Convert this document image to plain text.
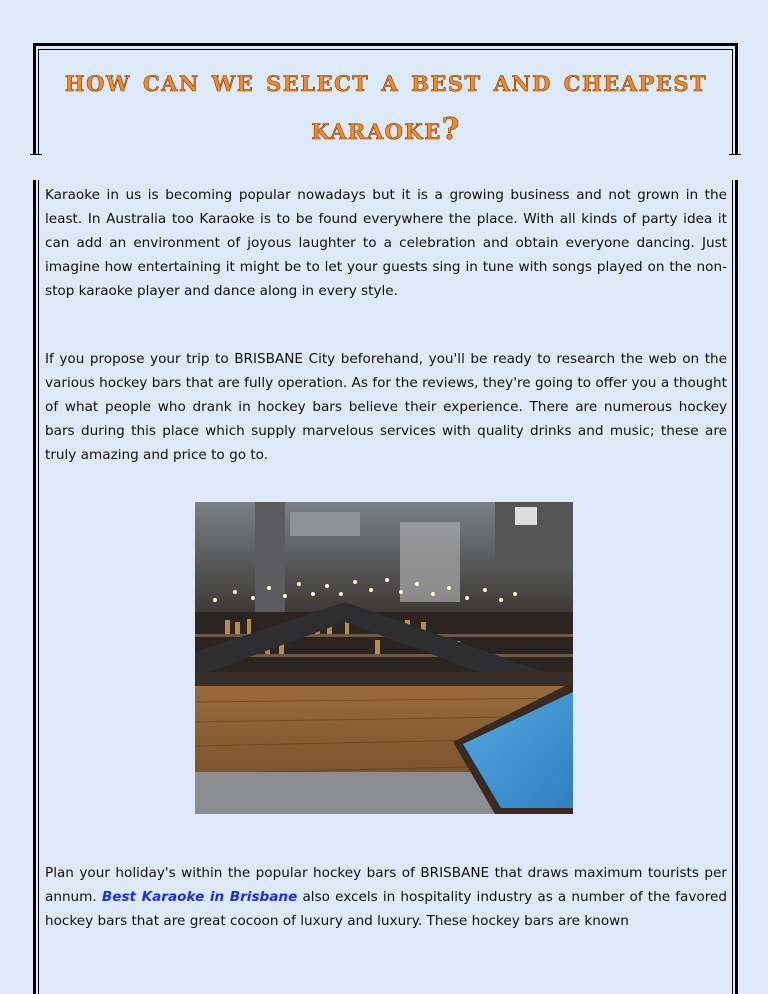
how can we select a best and cheapest karaoke?

Karaoke in us is becoming popular nowadays but it is a growing business and not grown in the least. In Australia too Karaoke is to be found everywhere the place. With all kinds of party idea it can add an environment of joyous laughter to a celebration and obtain everyone dancing. Just imagine how entertaining it might be to let your guests sing in tune with songs played on the non-stop karaoke player and dance along in every style.

If you propose your trip to BRISBANE City beforehand, you'll be ready to research the web on the various hockey bars that are fully operation. As for the reviews, they're going to offer you a thought of what people who drank in hockey bars believe their experience. There are numerous hockey bars during this place which supply marvelous services with quality drinks and music; these are truly amazing and price to go to.

Plan your holiday's within the popular hockey bars of BRISBANE that draws maximum tourists per annum. Best Karaoke in Brisbane also excels in hospitality industry as a number of the favored hockey bars that are great cocoon of luxury and luxury. These hockey bars are known
